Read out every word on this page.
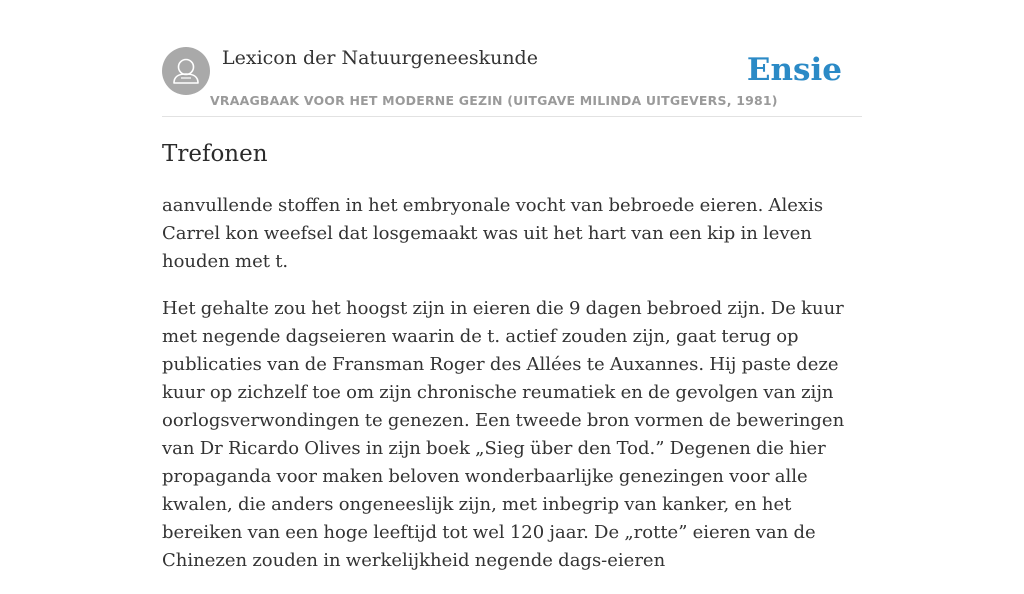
Lexicon der Natuurgeneeskunde
VRAAGBAAK VOOR HET MODERNE GEZIN (UITGAVE MILINDA UITGEVERS, 1981)
Ensie
Trefonen

aanvullende stoffen in het embryonale vocht van bebroede eieren. Alexis Carrel kon weefsel dat losgemaakt was uit het hart van een kip in leven houden met t.

Het gehalte zou het hoogst zijn in eieren die 9 dagen bebroed zijn. De kuur met negende dagseieren waarin de t. actief zouden zijn, gaat terug op publicaties van de Fransman Roger des Allées te Auxannes. Hij paste deze kuur op zichzelf toe om zijn chronische reumatiek en de gevolgen van zijn oorlogsverwondingen te genezen. Een tweede bron vormen de beweringen van Dr Ricardo Olives in zijn boek „Sieg über den Tod.” Degenen die hier propaganda voor maken beloven wonderbaarlijke genezingen voor alle kwalen, die anders ongeneeslijk zijn, met inbegrip van kanker, en het bereiken van een hoge leeftijd tot wel 120 jaar. De „rotte” eieren van de Chinezen zouden in werkelijkheid negende dags-eieren
